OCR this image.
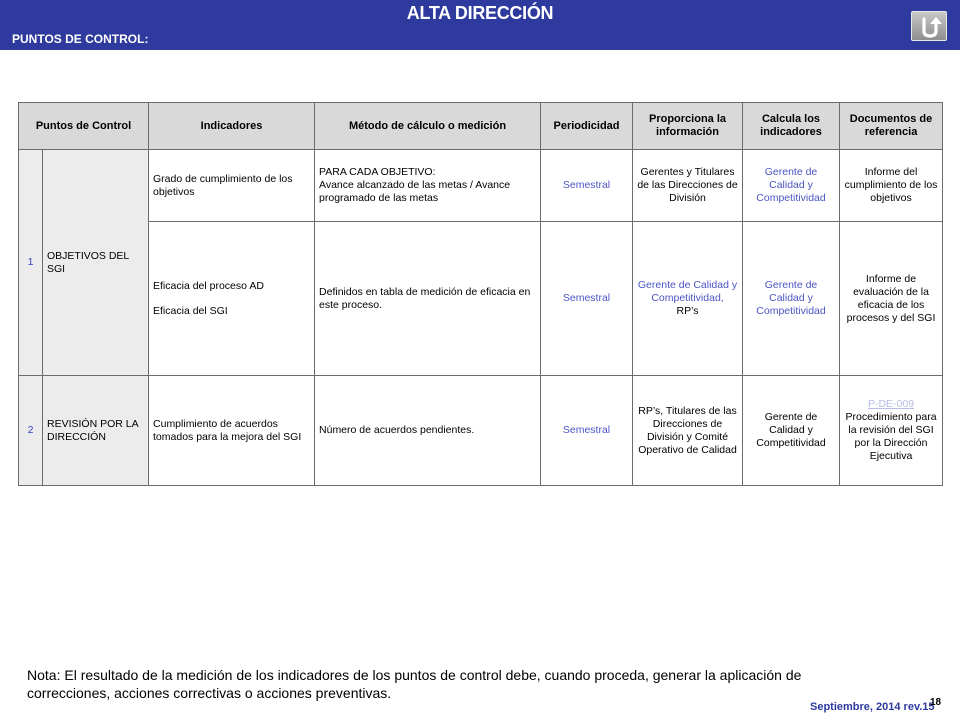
ALTA DIRECCIÓN
PUNTOS DE CONTROL:
Puntos de Control		Indicadores	Método de cálculo o medición	Periodicidad	Proporciona la información	Calcula los indicadores	Documentos de referencia
1	OBJETIVOS DEL SGI	Grado de cumplimiento de los objetivos	PARA CADA OBJETIVO:
Avance alcanzado de las metas / Avance programado de las metas	Semestral	Gerentes y Titulares de las Direcciones de División	Gerente de Calidad y Competitividad	Informe del cumplimiento de los objetivos
		Eficacia del proceso AD
Eficacia del SGI	Definidos en tabla de medición de eficacia en este proceso.	Semestral	Gerente de Calidad y Competitividad,
RP’s	Gerente de Calidad y Competitividad	Informe de evaluación de la eficacia de los procesos y del SGI
2	REVISIÓN POR LA DIRECCIÓN	Cumplimiento de acuerdos tomados para la mejora del SGI	Número de acuerdos pendientes.	Semestral	RP’s, Titulares de las Direcciones de División y Comité Operativo de Calidad	Gerente de Calidad y Competitividad	P-DE-009
Procedimiento para la revisión del SGI por la Dirección Ejecutiva
Nota: El resultado de la medición de los indicadores de los puntos de control debe, cuando proceda, generar la aplicación de correcciones, acciones correctivas o acciones preventivas.
Septiembre, 2014 rev.15
18
